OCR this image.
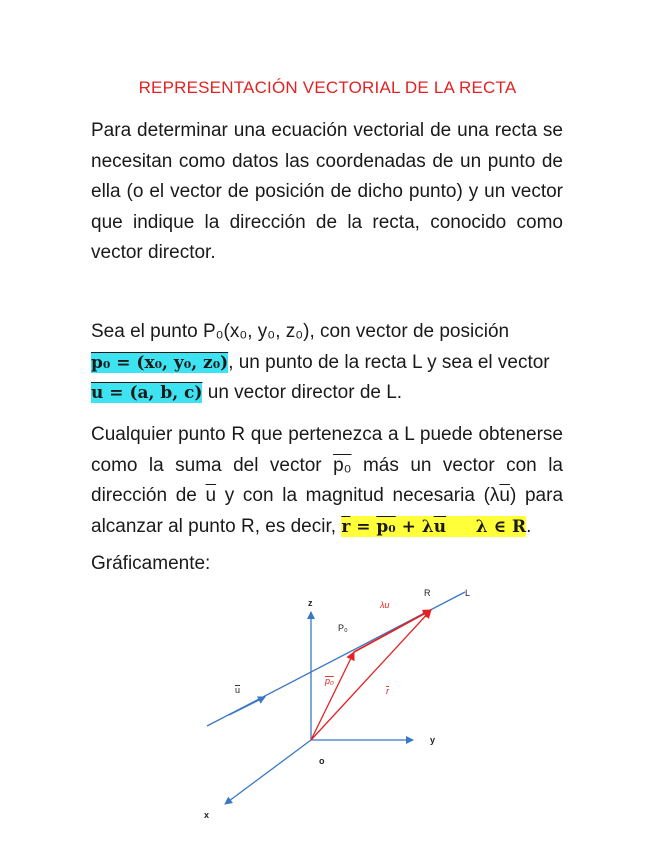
REPRESENTACIÓN VECTORIAL DE LA RECTA
Para determinar una ecuación vectorial de una recta se necesitan como datos las coordenadas de un punto de ella (o el vector de posición de dicho punto) y un vector que indique la dirección de la recta, conocido como vector director.
Sea el punto P₀(x₀, y₀, z₀), con vector de posición
p₀ = (x₀, y₀, z₀), un punto de la recta L y sea el vector
u = (a, b, c) un vector director de L.
Cualquier punto R que pertenezca a L puede obtenerse como la suma del vector p₀ más un vector con la dirección de $\overline{u}$ y con la magnitud necesaria $(\lambda\overline{u})$ para alcanzar al punto R, es decir, $\overline{r} = p_0 + \lambda\overline{u}$     λ ∈ R.
Gráficamente:
z
y
x
o
P₀
R	L
u
p₀
r
λu
